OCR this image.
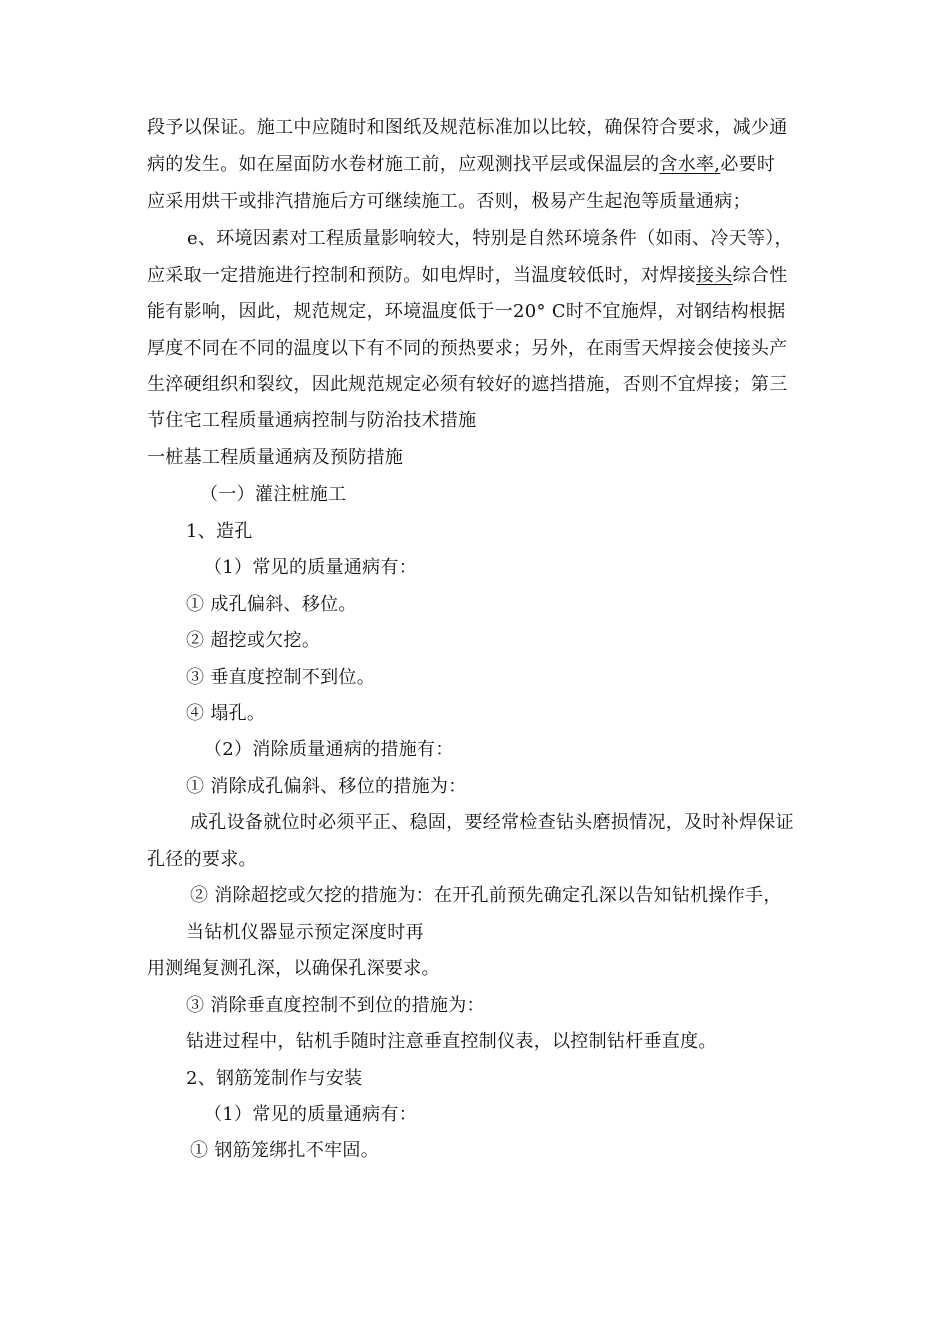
段予以保证。施工中应随时和图纸及规范标准加以比较，确保符合要求，减少通
病的发生。如在屋面防水卷材施工前，应观测找平层或保温层的含水率,必要时
应采用烘干或排汽措施后方可继续施工。否则，极易产生起泡等质量通病；
e、环境因素对工程质量影响较大，特别是自然环境条件（如雨、冷天等），
应采取一定措施进行控制和预防。如电焊时，当温度较低时，对焊接接头综合性
能有影响，因此，规范规定，环境温度低于一20° C时不宜施焊，对钢结构根据
厚度不同在不同的温度以下有不同的预热要求；另外，在雨雪天焊接会使接头产
生淬硬组织和裂纹，因此规范规定必须有较好的遮挡措施，否则不宜焊接；第三
节住宅工程质量通病控制与防治技术措施
一桩基工程质量通病及预防措施
（一）灌注桩施工
1、造孔
（1）常见的质量通病有：
① 成孔偏斜、移位。
② 超挖或欠挖。
③ 垂直度控制不到位。
④ 塌孔。
（2）消除质量通病的措施有：
① 消除成孔偏斜、移位的措施为：
成孔设备就位时必须平正、稳固，要经常检查钻头磨损情况，及时补焊保证
孔径的要求。
② 消除超挖或欠挖的措施为：在开孔前预先确定孔深以告知钻机操作手，
当钻机仪器显示预定深度时再
用测绳复测孔深，以确保孔深要求。
③ 消除垂直度控制不到位的措施为：
钻进过程中，钻机手随时注意垂直控制仪表，以控制钻杆垂直度。
2、钢筋笼制作与安装
（1）常见的质量通病有：
① 钢筋笼绑扎不牢固。
